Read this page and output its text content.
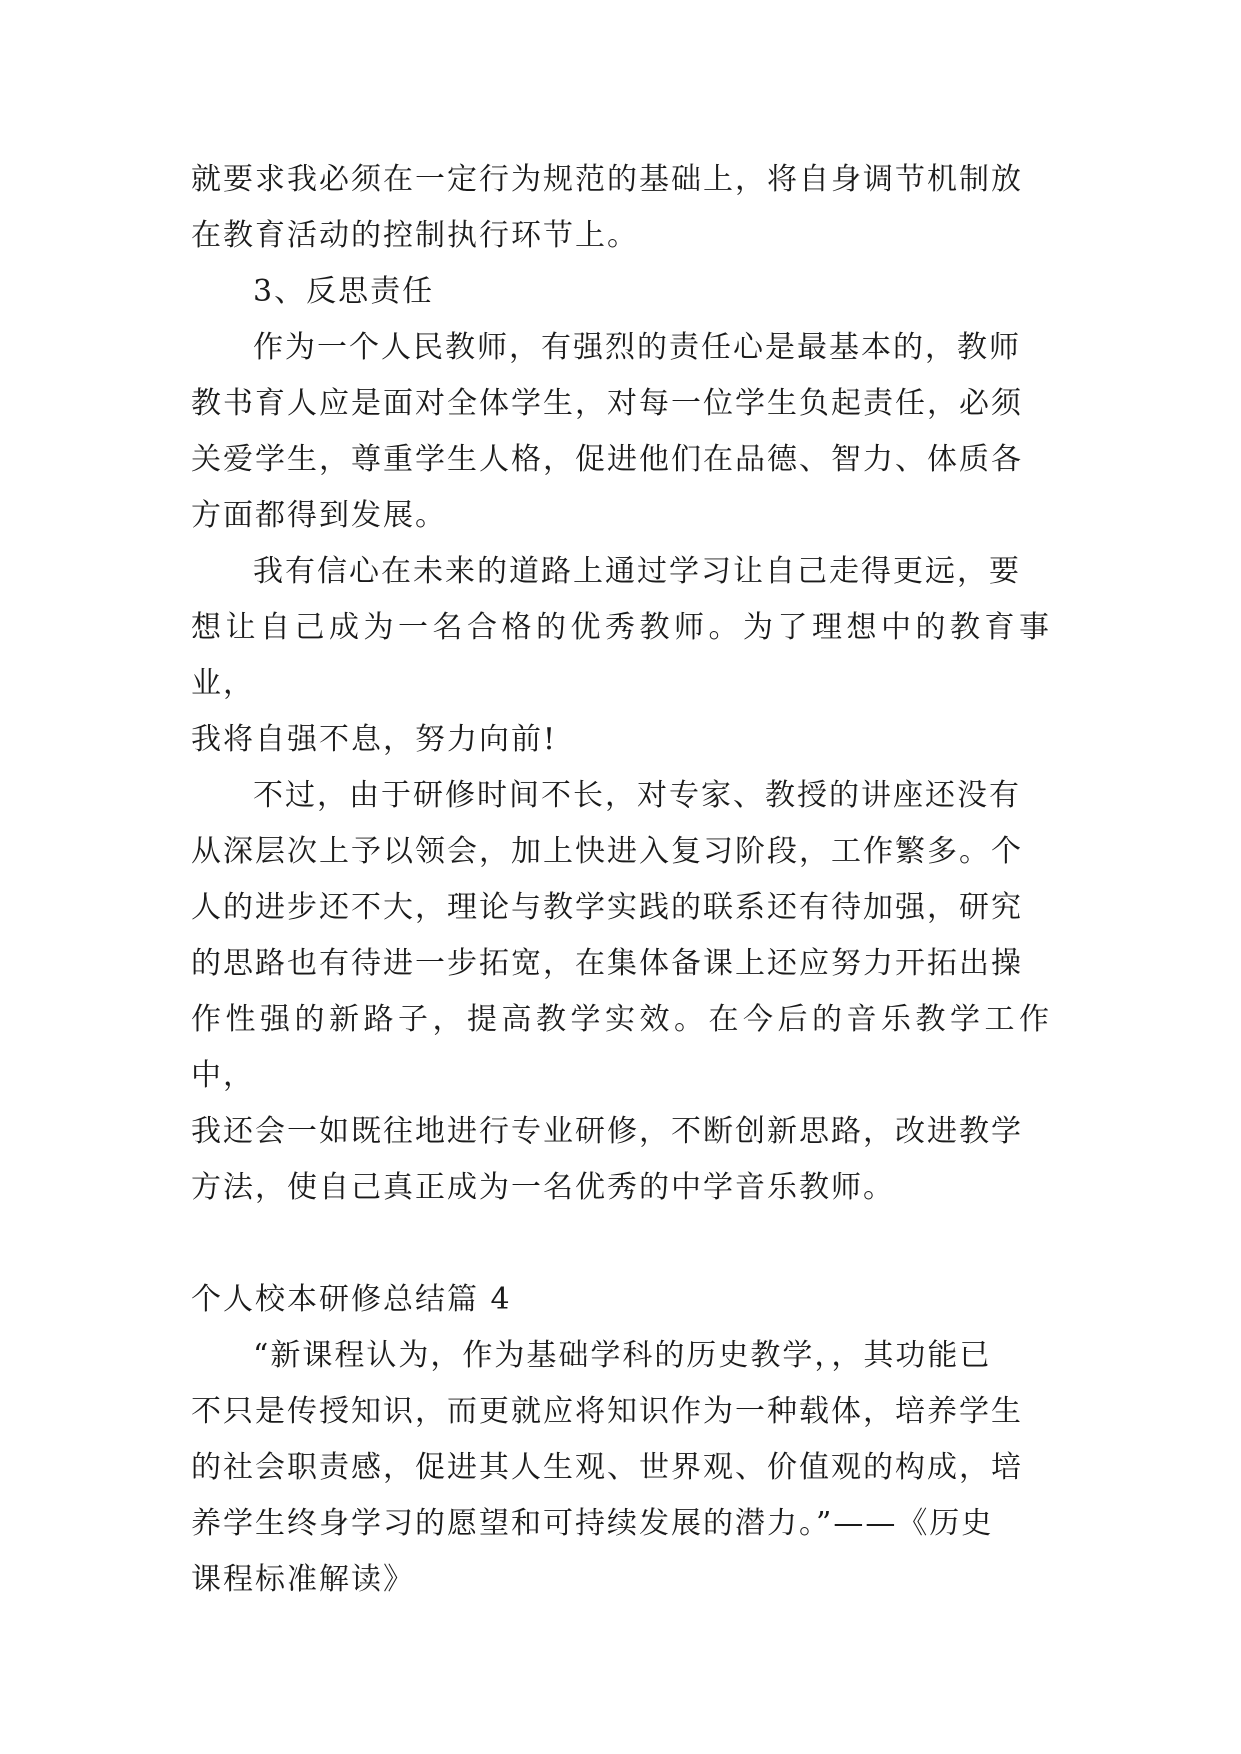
就要求我必须在一定行为规范的基础上，将自身调节机制放
在教育活动的控制执行环节上。

3、反思责任

作为一个人民教师，有强烈的责任心是最基本的，教师
教书育人应是面对全体学生，对每一位学生负起责任，必须
关爱学生，尊重学生人格，促进他们在品德、智力、体质各
方面都得到发展。

我有信心在未来的道路上通过学习让自己走得更远，要
想让自己成为一名合格的优秀教师。为了理想中的教育事业，
我将自强不息，努力向前!

不过，由于研修时间不长，对专家、教授的讲座还没有
从深层次上予以领会，加上快进入复习阶段，工作繁多。个
人的进步还不大，理论与教学实践的联系还有待加强，研究
的思路也有待进一步拓宽，在集体备课上还应努力开拓出操
作性强的新路子，提高教学实效。在今后的音乐教学工作中，
我还会一如既往地进行专业研修，不断创新思路，改进教学
方法，使自己真正成为一名优秀的中学音乐教师。

个人校本研修总结篇 4

“新课程认为，作为基础学科的历史教学，，其功能已
不只是传授知识，而更就应将知识作为一种载体，培养学生
的社会职责感，促进其人生观、世界观、价值观的构成，培
养学生终身学习的愿望和可持续发展的潜力。”——《历史
课程标准解读》
